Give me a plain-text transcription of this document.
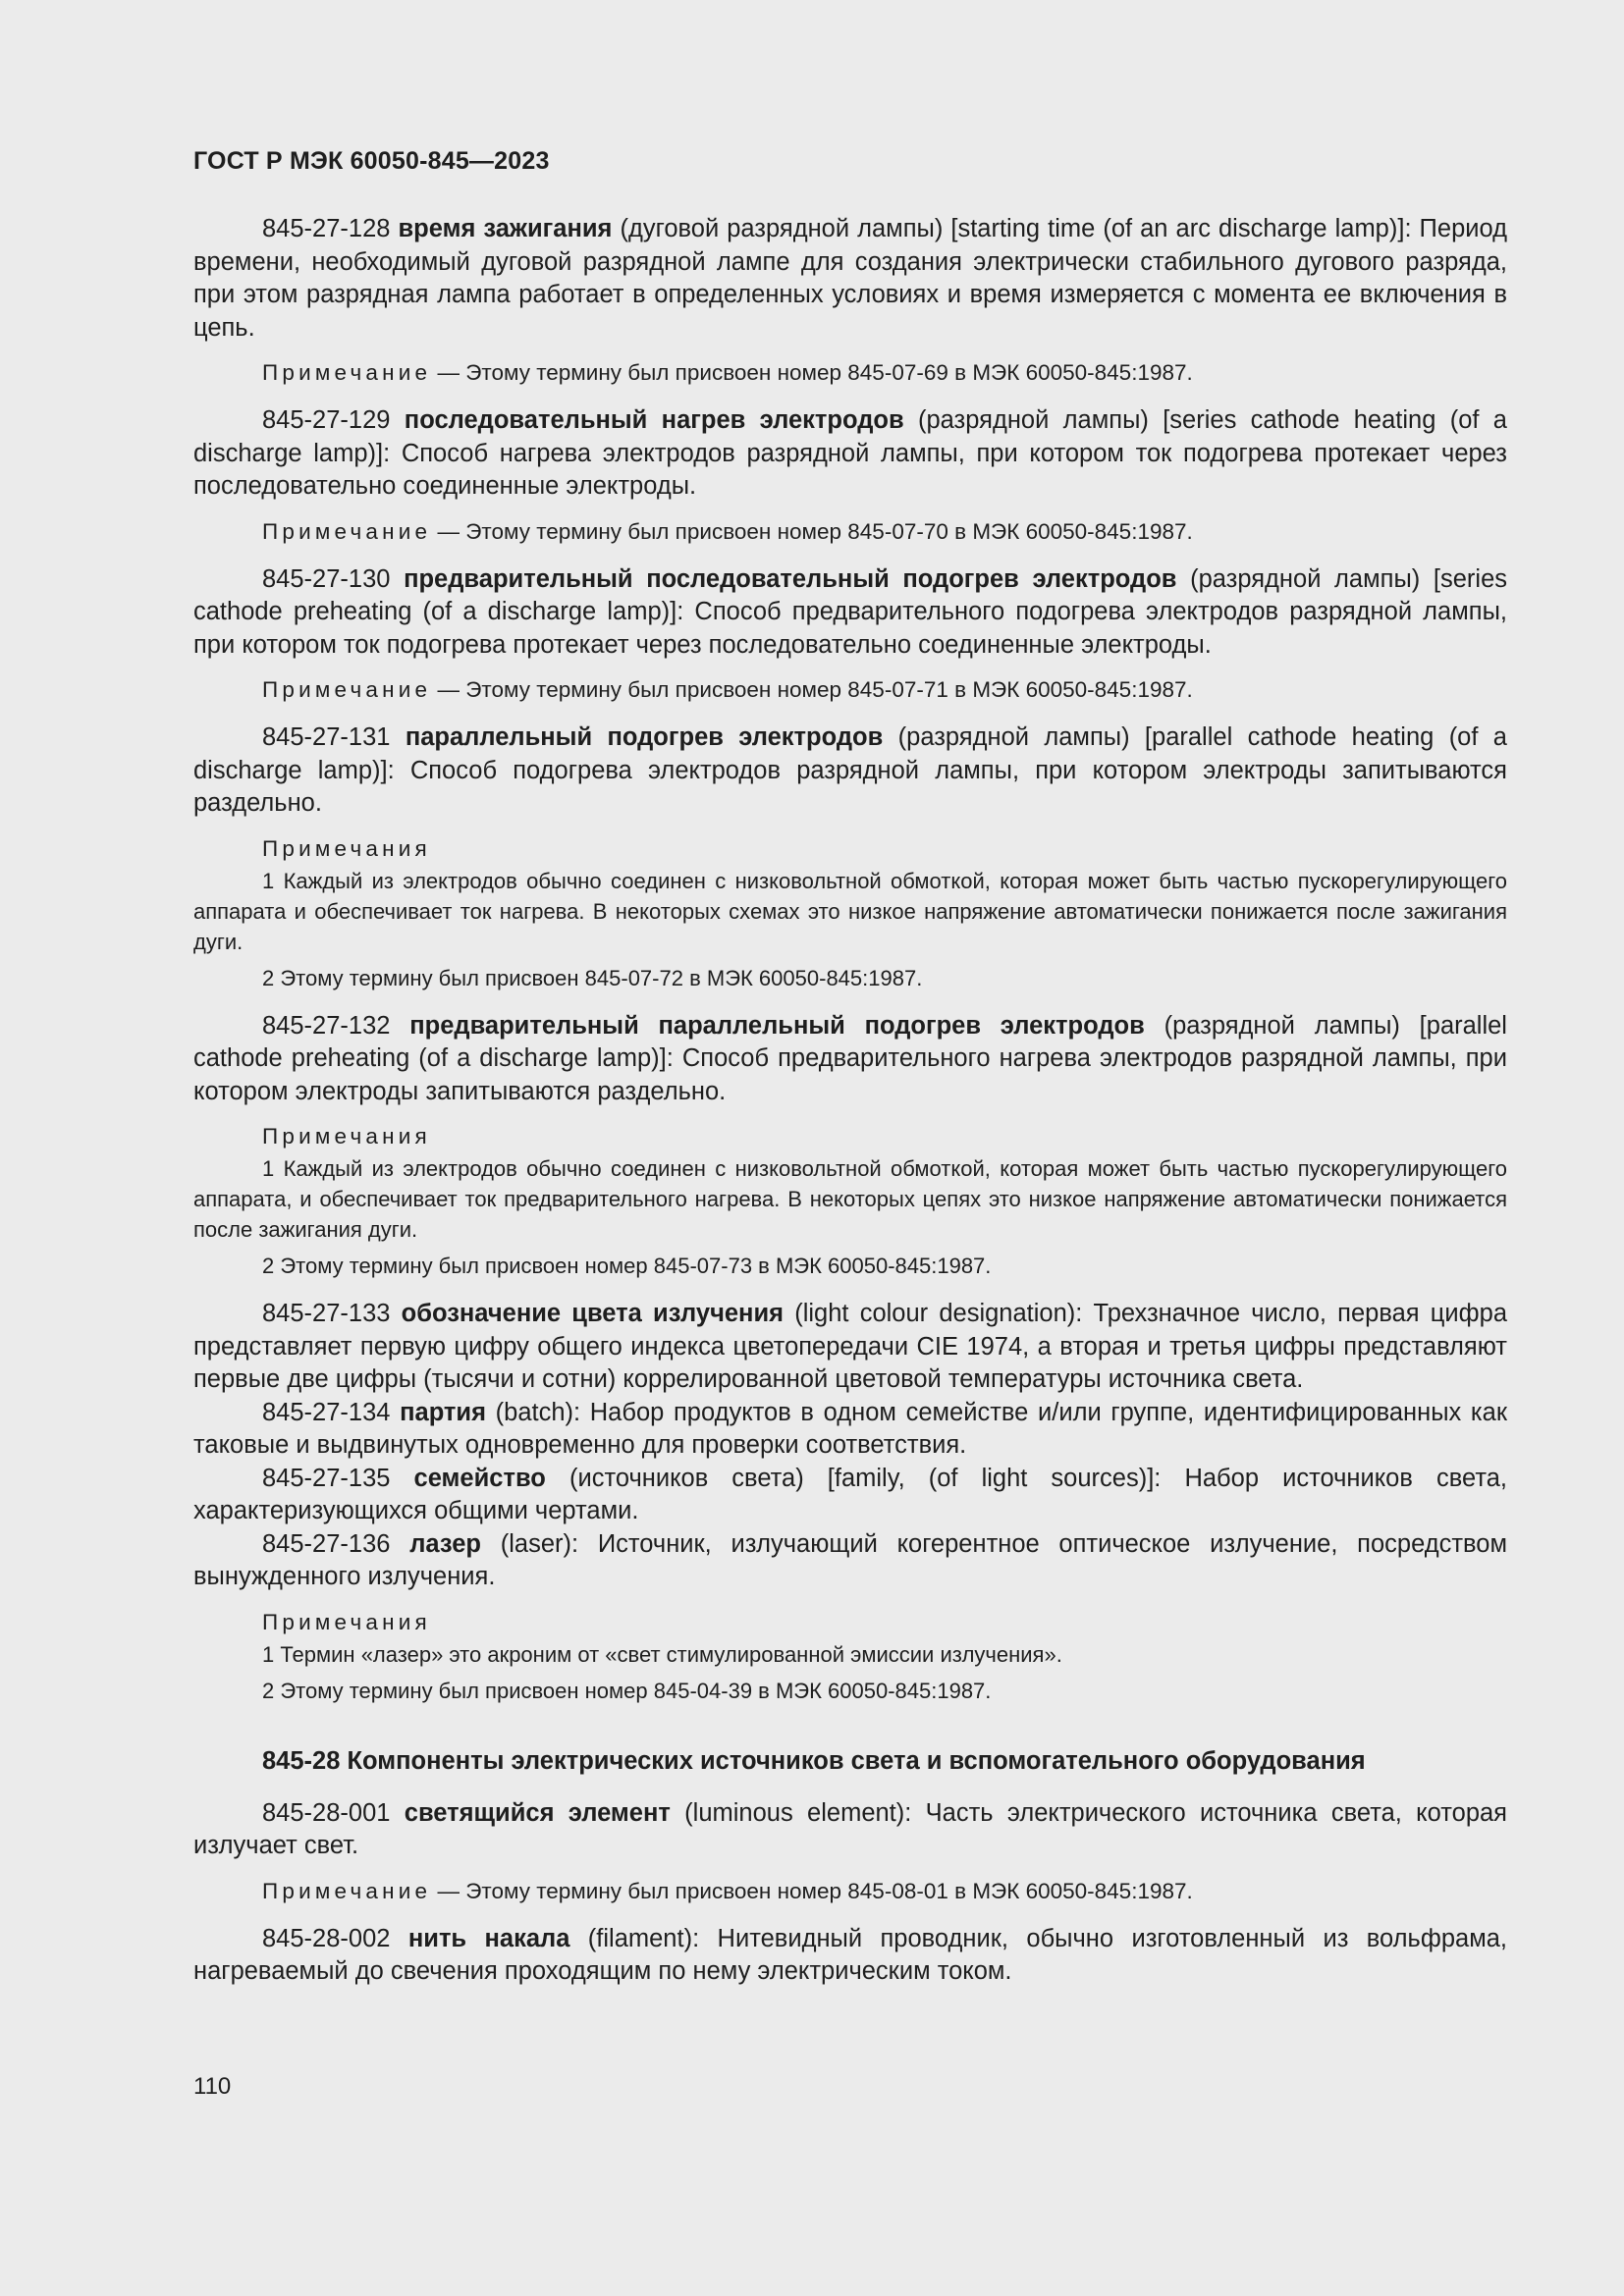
ГОСТ Р МЭК 60050-845—2023

845-27-128 время зажигания (дуговой разрядной лампы) [starting time (of an arc discharge lamp)]: Период времени, необходимый дуговой разрядной лампе для создания электрически стабильного дугового разряда, при этом разрядная лампа работает в определенных условиях и время измеряется с момента ее включения в цепь.

Примечание — Этому термину был присвоен номер 845-07-69 в МЭК 60050-845:1987.

845-27-129 последовательный нагрев электродов (разрядной лампы) [series cathode heating (of a discharge lamp)]: Способ нагрева электродов разрядной лампы, при котором ток подогрева протекает через последовательно соединенные электроды.

Примечание — Этому термину был присвоен номер 845-07-70 в МЭК 60050-845:1987.

845-27-130 предварительный последовательный подогрев электродов (разрядной лампы) [series cathode preheating (of a discharge lamp)]: Способ предварительного подогрева электродов разрядной лампы, при котором ток подогрева протекает через последовательно соединенные электроды.

Примечание — Этому термину был присвоен номер 845-07-71 в МЭК 60050-845:1987.

845-27-131 параллельный подогрев электродов (разрядной лампы) [parallel cathode heating (of a discharge lamp)]: Способ подогрева электродов разрядной лампы, при котором электроды запитываются раздельно.

Примечания

1 Каждый из электродов обычно соединен с низковольтной обмоткой, которая может быть частью пускорегулирующего аппарата и обеспечивает ток нагрева. В некоторых схемах это низкое напряжение автоматически понижается после зажигания дуги.

2 Этому термину был присвоен 845-07-72 в МЭК 60050-845:1987.

845-27-132 предварительный параллельный подогрев электродов (разрядной лампы) [parallel cathode preheating (of a discharge lamp)]: Способ предварительного нагрева электродов разрядной лампы, при котором электроды запитываются раздельно.

Примечания

1 Каждый из электродов обычно соединен с низковольтной обмоткой, которая может быть частью пускорегулирующего аппарата, и обеспечивает ток предварительного нагрева. В некоторых цепях это низкое напряжение автоматически понижается после зажигания дуги.

2 Этому термину был присвоен номер 845-07-73 в МЭК 60050-845:1987.

845-27-133 обозначение цвета излучения (light colour designation): Трехзначное число, первая цифра представляет первую цифру общего индекса цветопередачи CIE 1974, а вторая и третья цифры представляют первые две цифры (тысячи и сотни) коррелированной цветовой температуры источника света.

845-27-134 партия (batch): Набор продуктов в одном семействе и/или группе, идентифицированных как таковые и выдвинутых одновременно для проверки соответствия.

845-27-135 семейство (источников света) [family, (of light sources)]: Набор источников света, характеризующихся общими чертами.

845-27-136 лазер (laser): Источник, излучающий когерентное оптическое излучение, посредством вынужденного излучения.

Примечания

1 Термин «лазер» это акроним от «свет стимулированной эмиссии излучения».

2 Этому термину был присвоен номер 845-04-39 в МЭК 60050-845:1987.

845-28 Компоненты электрических источников света и вспомогательного оборудования

845-28-001 светящийся элемент (luminous element): Часть электрического источника света, которая излучает свет.

Примечание — Этому термину был присвоен номер 845-08-01 в МЭК 60050-845:1987.

845-28-002 нить накала (filament): Нитевидный проводник, обычно изготовленный из вольфрама, нагреваемый до свечения проходящим по нему электрическим током.

110
